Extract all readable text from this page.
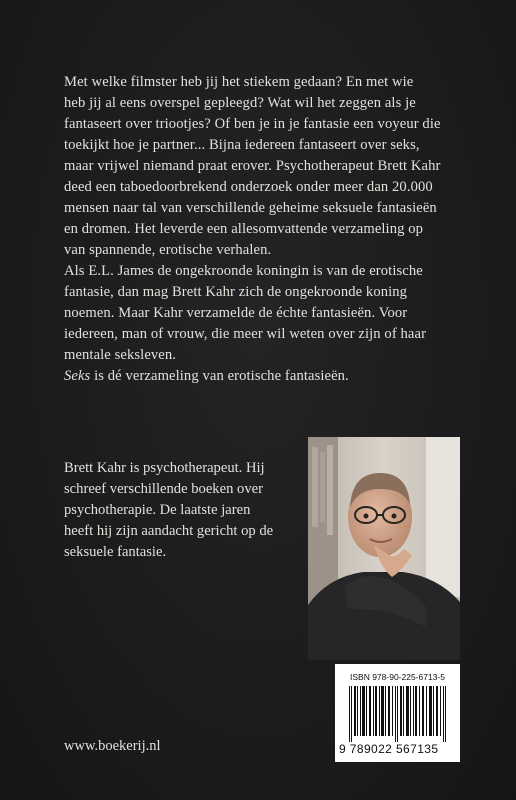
Met welke filmster heb jij het stiekem gedaan? En met wie

heb jij al eens overspel gepleegd? Wat wil het zeggen als je

fantaseert over triootjes? Of ben je in je fantasie een voyeur die

toekijkt hoe je partner... Bijna iedereen fantaseert over seks,

maar vrijwel niemand praat erover. Psychotherapeut Brett Kahr

deed een taboedoorbrekend onderzoek onder meer dan 20.000

mensen naar tal van verschillende geheime seksuele fantasieën

en dromen. Het leverde een allesomvattende verzameling op

van spannende, erotische verhalen.

Als E.L. James de ongekroonde koningin is van de erotische

fantasie, dan mag Brett Kahr zich de ongekroonde koning

noemen. Maar Kahr verzamelde de échte fantasieën. Voor

iedereen, man of vrouw, die meer wil weten over zijn of haar

mentale seksleven.

Seks is dé verzameling van erotische fantasieën.

Brett Kahr is psychotherapeut. Hij
schreef verschillende boeken over
psychotherapie. De laatste jaren
heeft hij zijn aandacht gericht op de
seksuele fantasie.
ISBN 978-90-225-6713-5
9 789022 567135
www.boekerij.nl
